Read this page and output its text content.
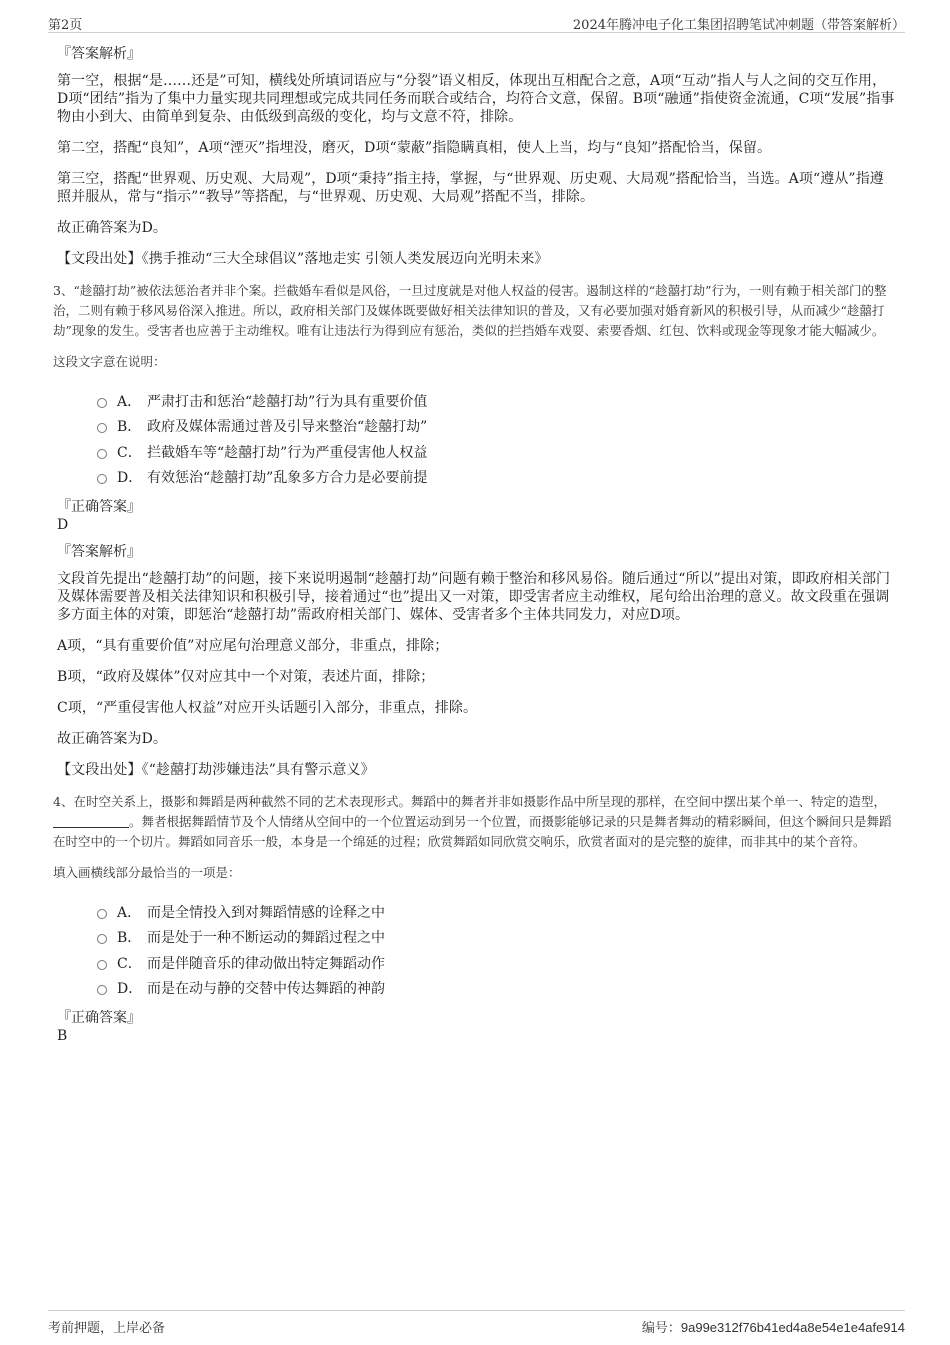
第2页	2024年腾冲电子化工集团招聘笔试冲刺题（带答案解析）
『答案解析』

第一空，根据“是……还是”可知，横线处所填词语应与“分裂”语义相反，体现出互相配合之意，A项“互动”指人与人之间的交互作用，D项“团结”指为了集中力量实现共同理想或完成共同任务而联合或结合，均符合文意，保留。B项“融通”指使资金流通，C项“发展”指事物由小到大、由简单到复杂、由低级到高级的变化，均与文意不符，排除。

第二空，搭配“良知”，A项“湮灭”指埋没，磨灭，D项“蒙蔽”指隐瞒真相，使人上当，均与“良知”搭配恰当，保留。

第三空，搭配“世界观、历史观、大局观”，D项“秉持”指主持，掌握，与“世界观、历史观、大局观”搭配恰当，当选。A项“遵从”指遵照并服从，常与“指示”“教导”等搭配，与“世界观、历史观、大局观”搭配不当，排除。

故正确答案为D。

【文段出处】《携手推动“三大全球倡议”落地走实 引领人类发展迈向光明未来》

3、“趁囍打劫”被依法惩治者并非个案。拦截婚车看似是风俗，一旦过度就是对他人权益的侵害。遏制这样的“趁囍打劫”行为，一则有赖于相关部门的整治，二则有赖于移风易俗深入推进。所以，政府相关部门及媒体既要做好相关法律知识的普及，又有必要加强对婚育新风的积极引导，从而减少“趁囍打劫”现象的发生。受害者也应善于主动维权。唯有让违法行为得到应有惩治，类似的拦挡婚车戏耍、索要香烟、红包、饮料或现金等现象才能大幅减少。

这段文字意在说明：
A． 严肃打击和惩治“趁囍打劫”行为具有重要价值
B． 政府及媒体需通过普及引导来整治“趁囍打劫”
C． 拦截婚车等“趁囍打劫”行为严重侵害他人权益
D． 有效惩治“趁囍打劫”乱象多方合力是必要前提
『正确答案』
D
『答案解析』

文段首先提出“趁囍打劫”的问题，接下来说明遏制“趁囍打劫”问题有赖于整治和移风易俗。随后通过“所以”提出对策，即政府相关部门及媒体需要普及相关法律知识和积极引导，接着通过“也”提出又一对策，即受害者应主动维权，尾句给出治理的意义。故文段重在强调多方面主体的对策，即惩治“趁囍打劫”需政府相关部门、媒体、受害者多个主体共同发力，对应D项。

A项，“具有重要价值”对应尾句治理意义部分，非重点，排除；

B项，“政府及媒体”仅对应其中一个对策，表述片面，排除；

C项，“严重侵害他人权益”对应开头话题引入部分，非重点，排除。

故正确答案为D。

【文段出处】《“趁囍打劫涉嫌违法”具有警示意义》

4、在时空关系上，摄影和舞蹈是两种截然不同的艺术表现形式。舞蹈中的舞者并非如摄影作品中所呈现的那样，在空间中摆出某个单一、特定的造型，。舞者根据舞蹈情节及个人情绪从空间中的一个位置运动到另一个位置，而摄影能够记录的只是舞者舞动的精彩瞬间，但这个瞬间只是舞蹈在时空中的一个切片。舞蹈如同音乐一般，本身是一个绵延的过程；欣赏舞蹈如同欣赏交响乐，欣赏者面对的是完整的旋律，而非其中的某个音符。

填入画横线部分最恰当的一项是：
A． 而是全情投入到对舞蹈情感的诠释之中
B． 而是处于一种不断运动的舞蹈过程之中
C． 而是伴随音乐的律动做出特定舞蹈动作
D． 而是在动与静的交替中传达舞蹈的神韵
『正确答案』
B
考前押题，上岸必备	编号：9a99e312f76b41ed4a8e54e1e4afe914
